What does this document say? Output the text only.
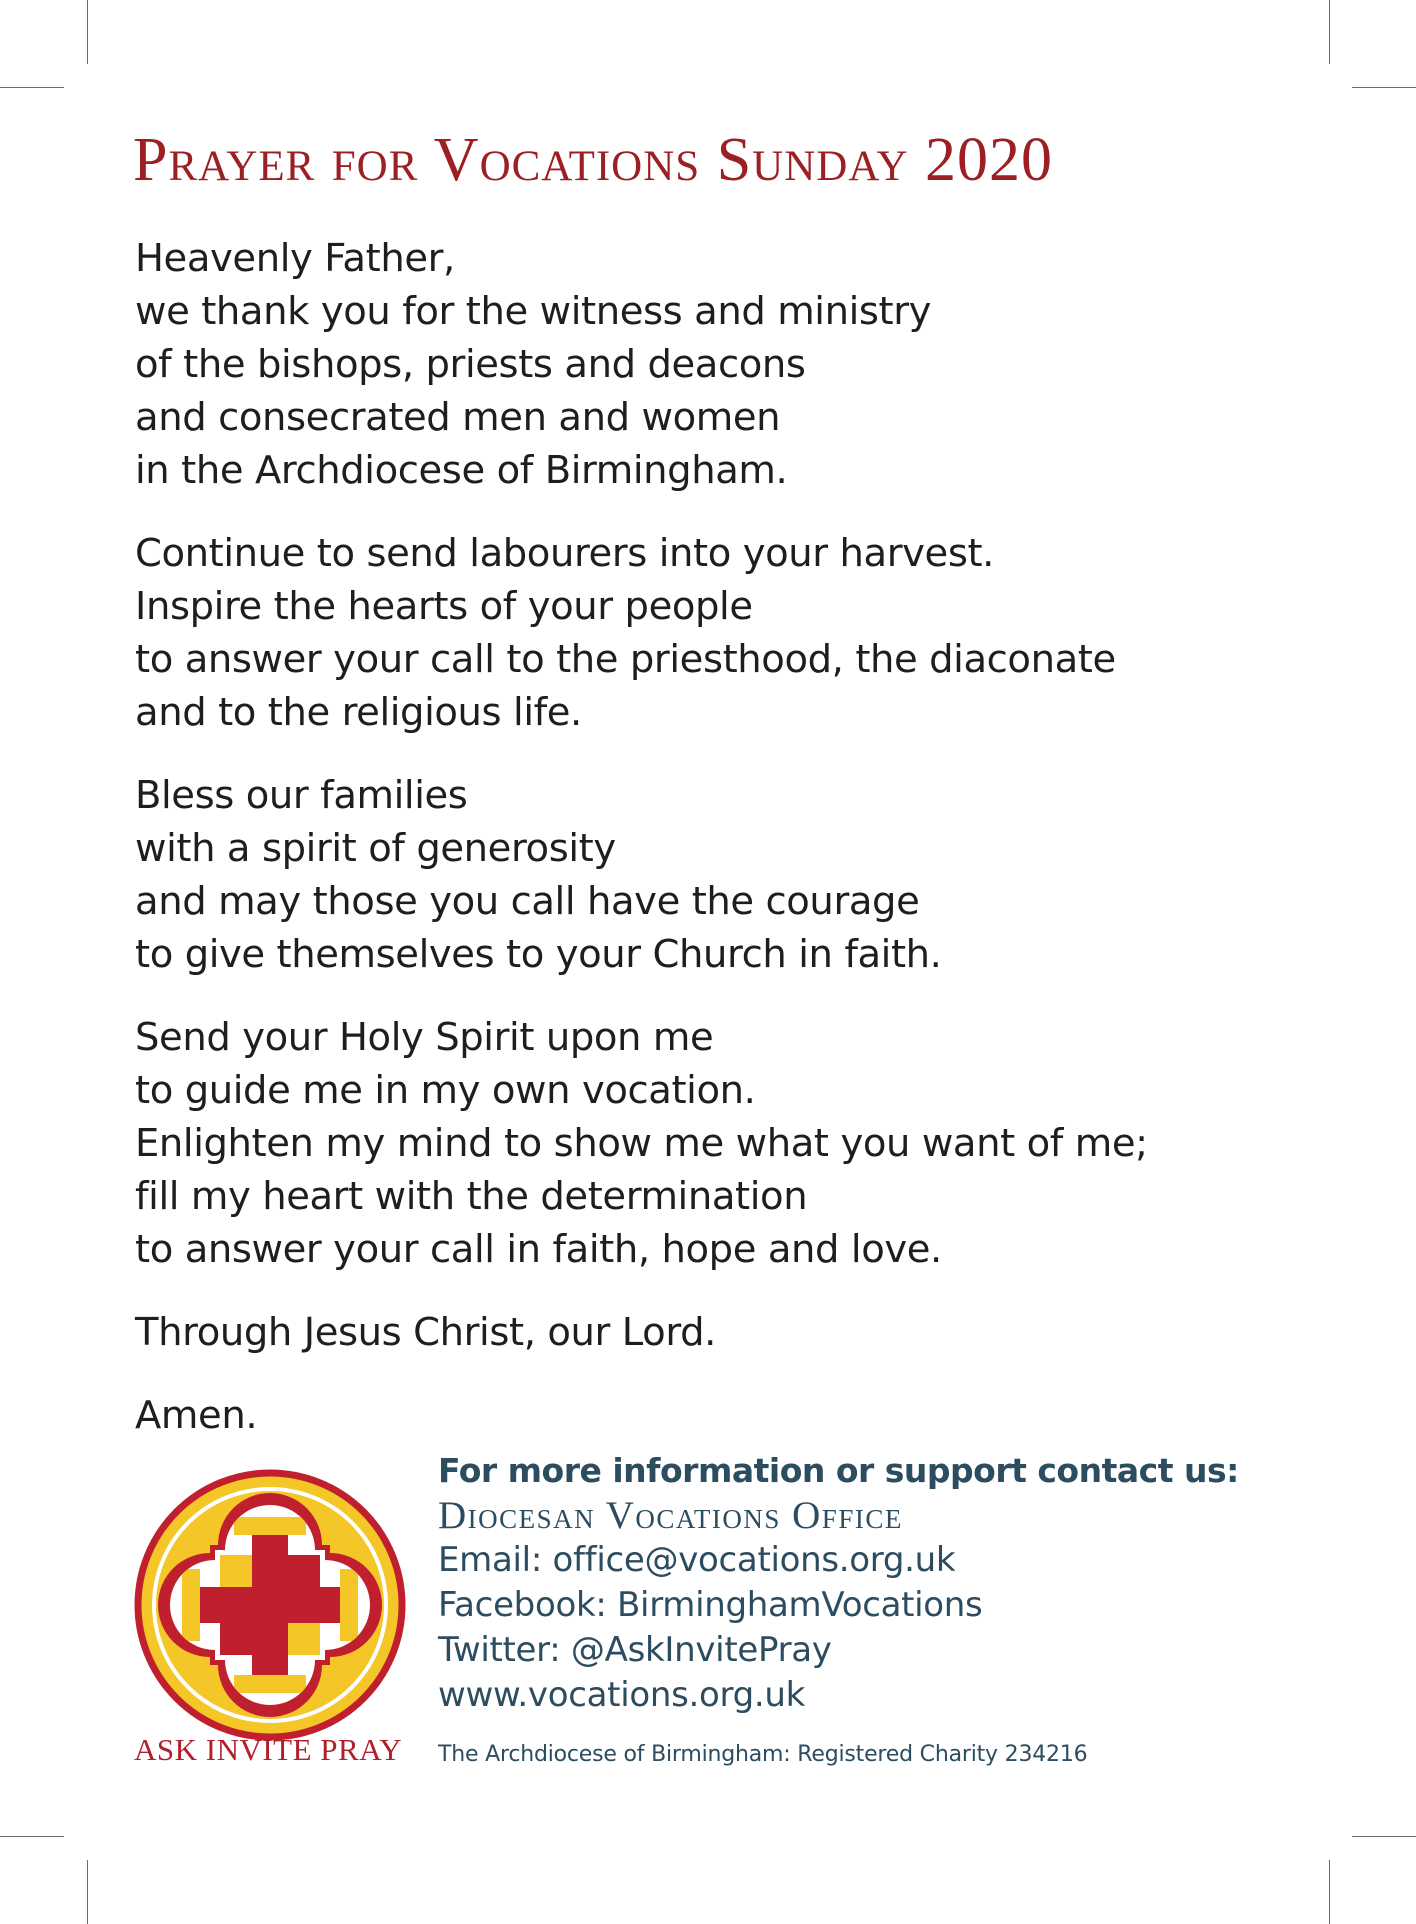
Prayer for Vocations Sunday 2020
Heavenly Father,
we thank you for the witness and ministry
of the bishops, priests and deacons
and consecrated men and women
in the Archdiocese of Birmingham.
Continue to send labourers into your harvest.
Inspire the hearts of your people
to answer your call to the priesthood, the diaconate
and to the religious life.
Bless our families
with a spirit of generosity
and may those you call have the courage
to give themselves to your Church in faith.
Send your Holy Spirit upon me
to guide me in my own vocation.
Enlighten my mind to show me what you want of me;
fill my heart with the determination
to answer your call in faith, hope and love.
Through Jesus Christ, our Lord.
Amen.
ASK INVITE PRAY
For more information or support contact us:
Diocesan Vocations Office
Email: office@vocations.org.uk
Facebook: BirminghamVocations
Twitter: @AskInvitePray
www.vocations.org.uk
The Archdiocese of Birmingham: Registered Charity 234216
